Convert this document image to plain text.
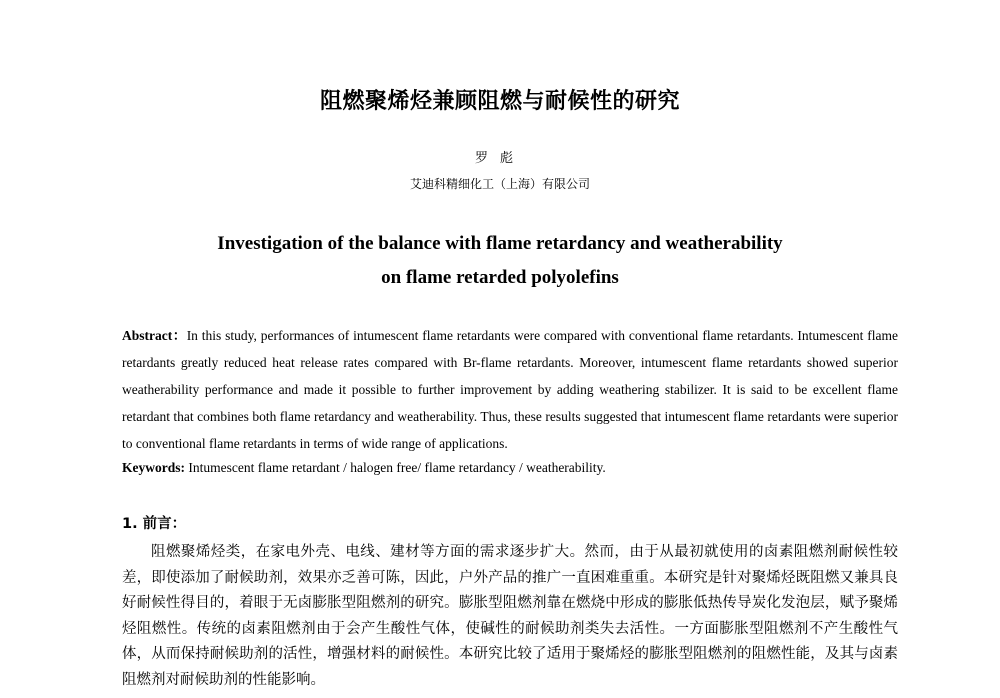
阻燃聚烯烃兼顾阻燃与耐候性的研究
罗彪
艾迪科精细化工（上海）有限公司
Investigation of the balance with flame retardancy and weatherability
on flame retarded polyolefins

Abstract：In this study, performances of intumescent flame retardants were compared with conventional flame retardants. Intumescent flame retardants greatly reduced heat release rates compared with Br-flame retardants. Moreover, intumescent flame retardants showed superior weatherability performance and made it possible to further improvement by adding weathering stabilizer. It is said to be excellent flame retardant that combines both flame retardancy and weatherability. Thus, these results suggested that intumescent flame retardants were superior to conventional flame retardants in terms of wide range of applications.

Keywords: Intumescent flame retardant / halogen free/ flame retardancy / weatherability.

1. 前言：

阻燃聚烯烃类，在家电外壳、电线、建材等方面的需求逐步扩大。然而，由于从最初就使用的卤素阻燃剂耐候性较差，即使添加了耐候助剂，效果亦乏善可陈，因此，户外产品的推广一直困难重重。本研究是针对聚烯烃既阻燃又兼具良好耐候性得目的，着眼于无卤膨胀型阻燃剂的研究。膨胀型阻燃剂靠在燃烧中形成的膨胀低热传导炭化发泡层，赋予聚烯烃阻燃性。传统的卤素阻燃剂由于会产生酸性气体，使碱性的耐候助剂类失去活性。一方面膨胀型阻燃剂不产生酸性气体，从而保持耐候助剂的活性，增强材料的耐候性。本研究比较了适用于聚烯烃的膨胀型阻燃剂的阻燃性能，及其与卤素阻燃剂对耐候助剂的性能影响。
